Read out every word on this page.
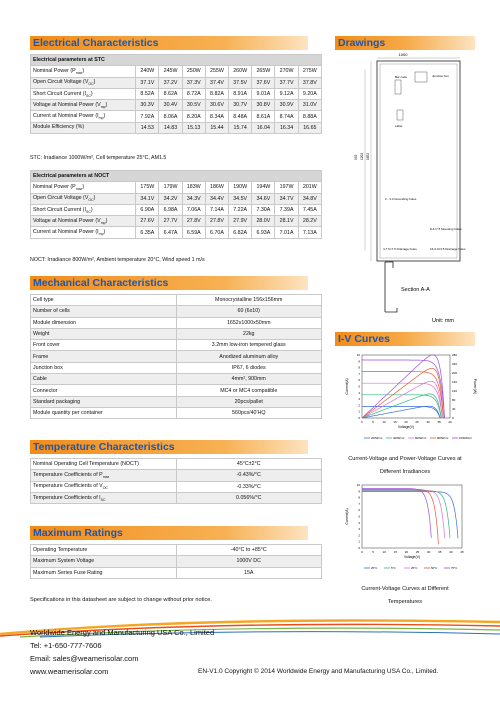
Electrical Characteristics	Drawings
Electrical parameters at STC								
Nominal Power $(P_{max})$	240W	245W	250W	255W	260W	265W	270W	275W
Open Circuit Voltage $(V_{OC})$	37.1V	37.2V	37.3V	37.4V	37.5V	37.6V	37.7V	37.8V
Short Circuit Current $(I_{SC})$	8.52A	8.62A	8.72A	8.82A	8.91A	9.01A	9.12A	9.20A
Voltage at Nominal Power $(V_{mp})$	30.3V	30.4V	30.5V	30.6V	30.7V	30.8V	30.9V	31.0V
Current at Nominal Power $(I_{mp})$	7.92A	8.06A	8.20A	8.34A	8.48A	8.61A	8.74A	8.88A
Module Efficiency (%)	14.53	14.83	15.13	15.44	15.74	16.04	16.34	16.65
STC: Irradiance 1000W/m², Cell temperature 25°C, AM1.5
Electrical parameters at NOCT								
Nominal Power $(P_{max})$	175W	179W	183W	186W	190W	194W	197W	201W
Open Circuit Voltage $(V_{OC})$	34.1V	34.2V	34.3V	34.4V	34.5V	34.6V	34.7V	34.8V
Short Circuit Current $(I_{SC})$	6.90A	6.98A	7.06A	7.14A	7.22A	7.30A	7.39A	7.45A
Voltage at Nominal Power $(V_{mp})$	27.6V	27.7V	27.8V	27.8V	27.9V	28.0V	28.1V	28.2V
Current at Nominal Power $(I_{mp})$	6.35A	6.47A	6.59A	6.70A	6.82A	6.93A	7.01A	7.13A
NOCT: Irradiance 800W/m², Ambient temperature 20°C, Wind speed 1 m/s
Mechanical Characteristics
Cell type	Monocrystalline 156x156mm
Number of cells	60 (6x10)
Module dimension	1652x1000x50mm
Weight	22kg
Front cover	3.2mm low-iron tempered glass
Frame	Anodized aluminum alloy
Junction box	IP67, 6 diodes
Cable	4mm², 900mm
Connector	MC4 or MC4 compatible
Standard packaging	20pcs/pallet
Module quantity per container	560pcs/40'HQ
Temperature Characteristics
Nominal Operating Cell Temperature (NOCT)	45°C±2°C
Temperature Coefficients of $P_{max}$	-0.43%/°C
Temperature Coefficients of $V_{OC}$	-0.33%/°C
Temperature Coefficients of $I_{SC}$	0.056%/°C
Maximum Ratings
Operating Temperature	-40°C to +85°C
Maximum System Voltage	1000V DC
Maximum Series Fuse Rating	15A
Specifications in this datasheet are subject to change without prior notice.
1000
Bar code	Junction box
Label
2 - 3.4 Grounding holes
8-4×7.5 Mounting holes
4-7.5×7.5 Drainage holes	16-0.3×3.5 Drainage holes
1652
1202
992
Section A-A
Unit: mm
I-V Curves
0
1
2
3
4
5
6
7
8
9
10
0
40
80
120
160
200
240
280
0	5	10	15	20	25	30	35	40
Voltage(V)
Current(A)	Power(W)
200W/m²	400W/m²	600W/m²	800W/m²	1000W/m²
Current-Voltage and Power-Voltage Curves at
Different Irradiances
0
1
2
3
4
5
6
7
8
9
10
0	5	10	15	20	25	30	35	40	45
Voltage(V)
Current(A)
25°C	5°C	25°C	50°C	75°C
Current-Voltage Curves at Different
Temperatures
Worldwide Energy and Manufacturing USA Co., Limited
Tel: +1-650-777-7606
Email: sales@weamerisolar.com
www.weamerisolar.com	EN-V1.0 Copyright © 2014 Worldwide Energy and Manufacturing USA Co., Limited.
